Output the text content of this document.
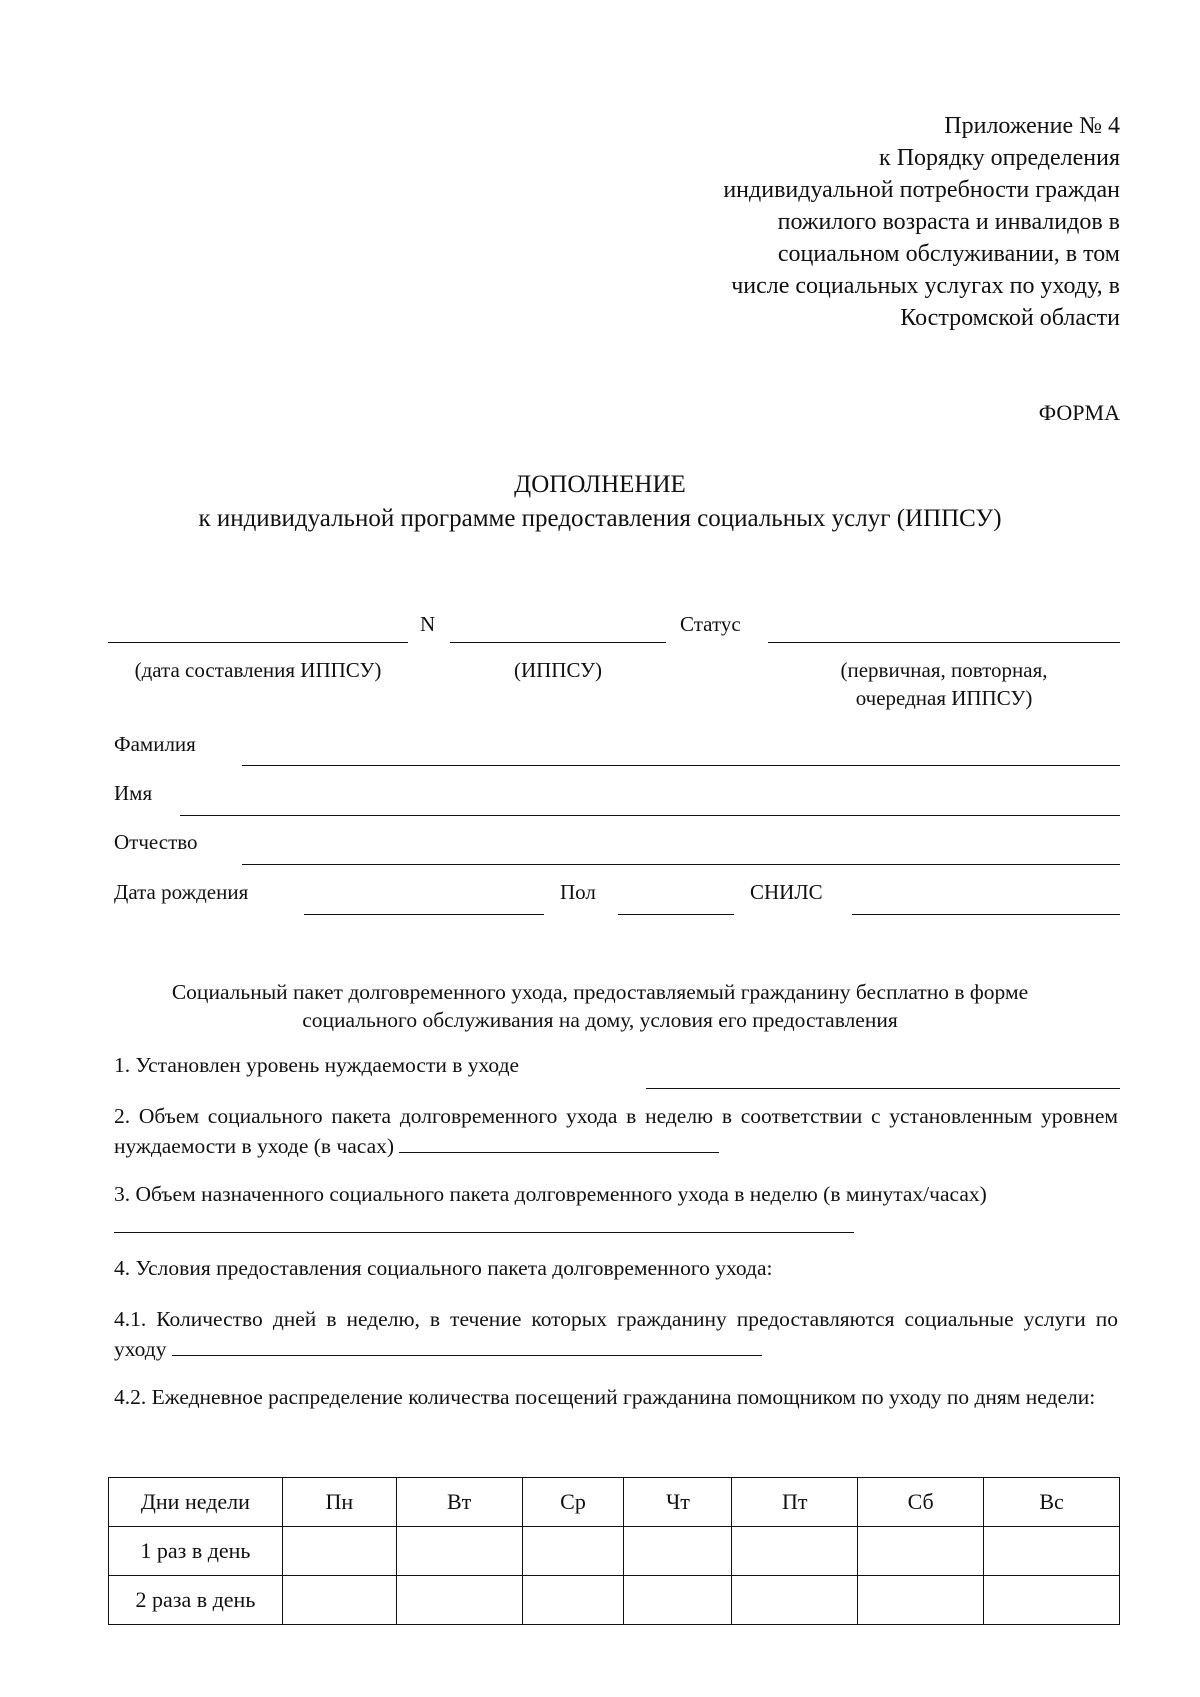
Приложение № 4
к Порядку определения
индивидуальной потребности граждан
пожилого возраста и инвалидов в
социальном обслуживании, в том
числе социальных услугах по уходу, в
Костромской области
ФОРМА
ДОПОЛНЕНИЕ
к индивидуальной программе предоставления социальных услуг (ИППСУ)
N	Статус
(дата составления ИППСУ)	(ИППСУ)	(первичная, повторная,
очередная ИППСУ)
Фамилия
Имя
Отчество
Дата рождения	Пол	СНИЛС
Социальный пакет долговременного ухода, предоставляемый гражданину бесплатно в форме
социального обслуживания на дому, условия его предоставления
1. Установлен уровень нуждаемости в уходе
2. Объем социального пакета долговременного ухода в неделю в соответствии с установленным уровнем нуждаемости в уходе (в часах)
3. Объем назначенного социального пакета долговременного ухода в неделю (в минутах/часах)
4. Условия предоставления социального пакета долговременного ухода:
4.1. Количество дней в неделю, в течение которых гражданину предоставляются социальные услуги по уходу
4.2. Ежедневное распределение количества посещений гражданина помощником по уходу по дням недели:
Дни недели	Пн	Вт	Ср	Чт	Пт	Сб	Вс
1 раз в день							
2 раза в день							
